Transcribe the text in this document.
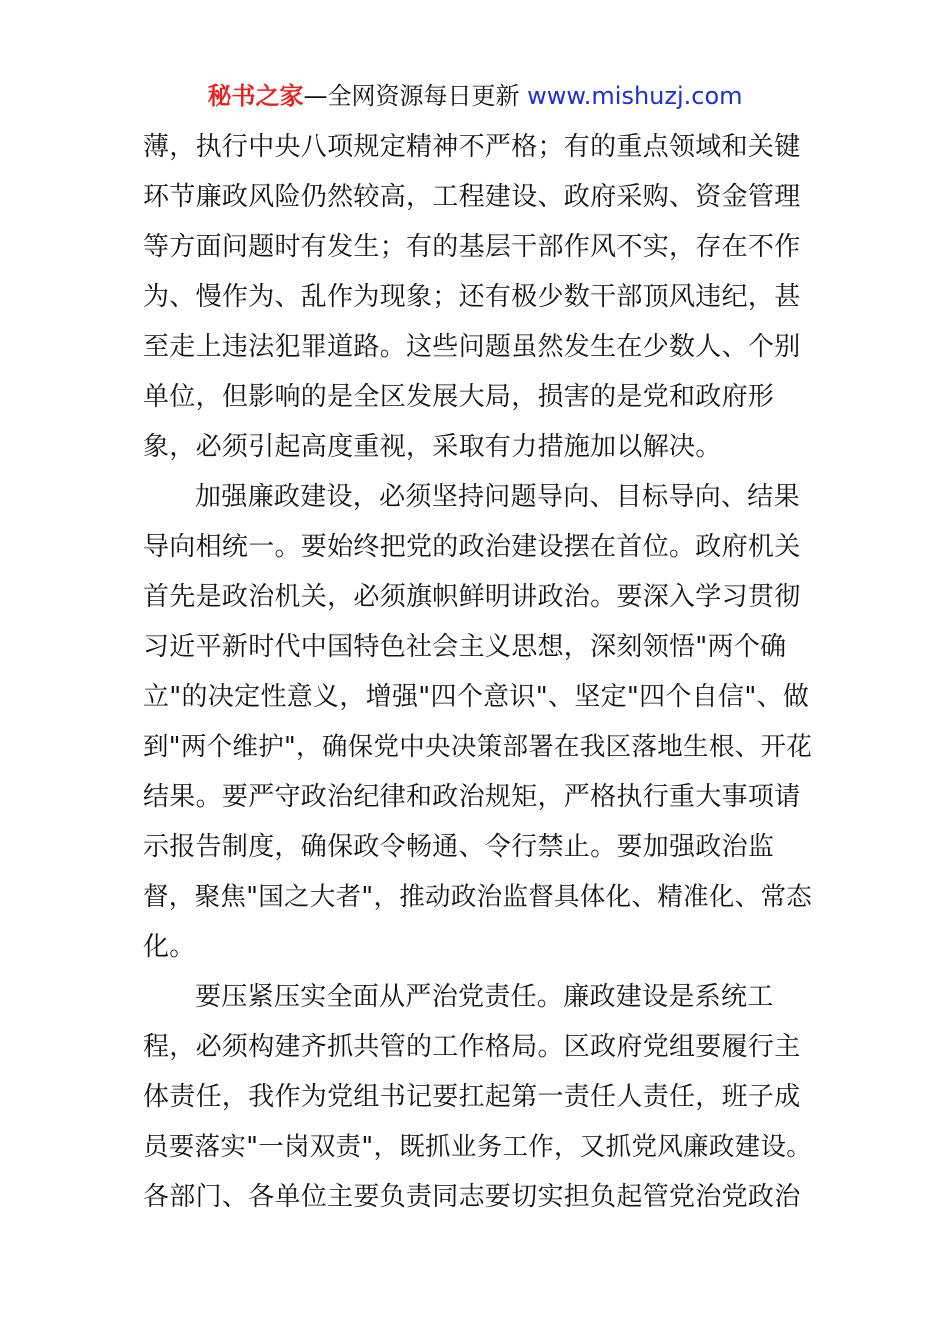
秘书之家—全网资源每日更新 www.mishuzj.com
薄，执行中央八项规定精神不严格；有的重点领域和关键
环节廉政风险仍然较高，工程建设、政府采购、资金管理
等方面问题时有发生；有的基层干部作风不实，存在不作
为、慢作为、乱作为现象；还有极少数干部顶风违纪，甚
至走上违法犯罪道路。这些问题虽然发生在少数人、个别
单位，但影响的是全区发展大局，损害的是党和政府形
象，必须引起高度重视，采取有力措施加以解决。
加强廉政建设，必须坚持问题导向、目标导向、结果
导向相统一。要始终把党的政治建设摆在首位。政府机关
首先是政治机关，必须旗帜鲜明讲政治。要深入学习贯彻
习近平新时代中国特色社会主义思想，深刻领悟"两个确
立"的决定性意义，增强"四个意识"、坚定"四个自信"、做
到"两个维护"，确保党中央决策部署在我区落地生根、开花
结果。要严守政治纪律和政治规矩，严格执行重大事项请
示报告制度，确保政令畅通、令行禁止。要加强政治监
督，聚焦"国之大者"，推动政治监督具体化、精准化、常态
化。
要压紧压实全面从严治党责任。廉政建设是系统工
程，必须构建齐抓共管的工作格局。区政府党组要履行主
体责任，我作为党组书记要扛起第一责任人责任，班子成
员要落实"一岗双责"，既抓业务工作，又抓党风廉政建设。
各部门、各单位主要负责同志要切实担负起管党治党政治
